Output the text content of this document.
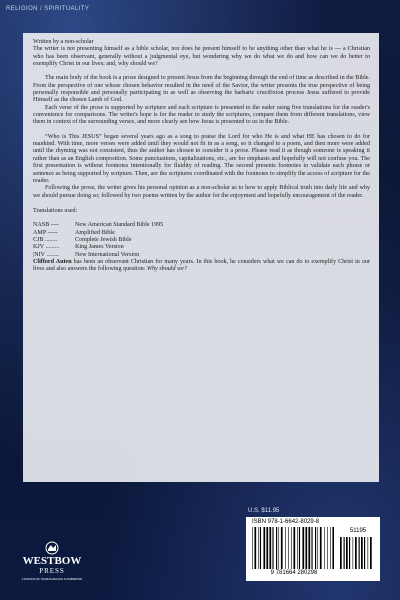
RELIGION / SPIRITUALITY

Written by a non-scholar

The writer is not presenting himself as a bible scholar, nor does he present himself to be anything other than what he is --- a Christian who has been observant, generally without a judgmental eye, but wondering why we do what we do and how can we do better to exemplify Christ in our lives; and, why should we?

The main body of the book is a prose designed to present Jesus from the beginning through the end of time as described in the Bible. From the perspective of one whose chosen behavior resulted in the need of the Savior, the writer presents the true perspective of being personally responsible and personally participating in as well as observing the barbaric crucifixion process Jesus suffered to provide Himself as the chosen Lamb of God.

Each verse of the prose is supported by scripture and each scripture is presented to the eader using five translations for the reader's convenience for comparisons. The writer's hope is for the reader to study the scriptures, compare them from different translations, view them in context of the surrounding verses, and more clearly see how Jesus is presented to us in the Bible.

“Who is This JESUS” began several years ago as a song to praise the Lord for who He is and what HE has chosen to do for mankind. With time, more verses were added until they would not fit in as a song, so it changed to a poem, and then more were added until the rhyming was not consistent, thus the author has chosen to consider it a prose. Please read it as though someone is speaking it rather than as an English composition. Some punctuations, capitalizations, etc., are for emphasis and hopefully will not confuse you. The first presentation is without footnotes intentionally for fluidity of reading. The second presents footnotes to validate each phrase or sentence as being supported by scripture. Then, are the scriptures coordinated with the footnotes to simplify the access of scripture for the reader.

Following the prose, the writer gives his personal opinion as a non-scholar as to how to apply Biblical truth into daily life and why we should pursue doing so; followed by two poems written by the author for the enjoyment and hopefully encouragement of the reader.

Translations used:

NASB ----	New American Standard Bible 1995
AMP -----	Amplified Bible
CJB ........	Complete Jewish Bible
KJV .........	King James Version
|NIV ........	New International Version

Clifford Auten has been an observant Christian for many years. In this book, he considers what we can do to exemplify Christ in our lives and also answers the following question: Why should we?

WESTBOW
PRESS
A DIVISION OF THOMAS NELSON & ZONDERVAN
U.S. $11.95
ISBN 978-1-6642-8029-8
51195
9 781664 280298
